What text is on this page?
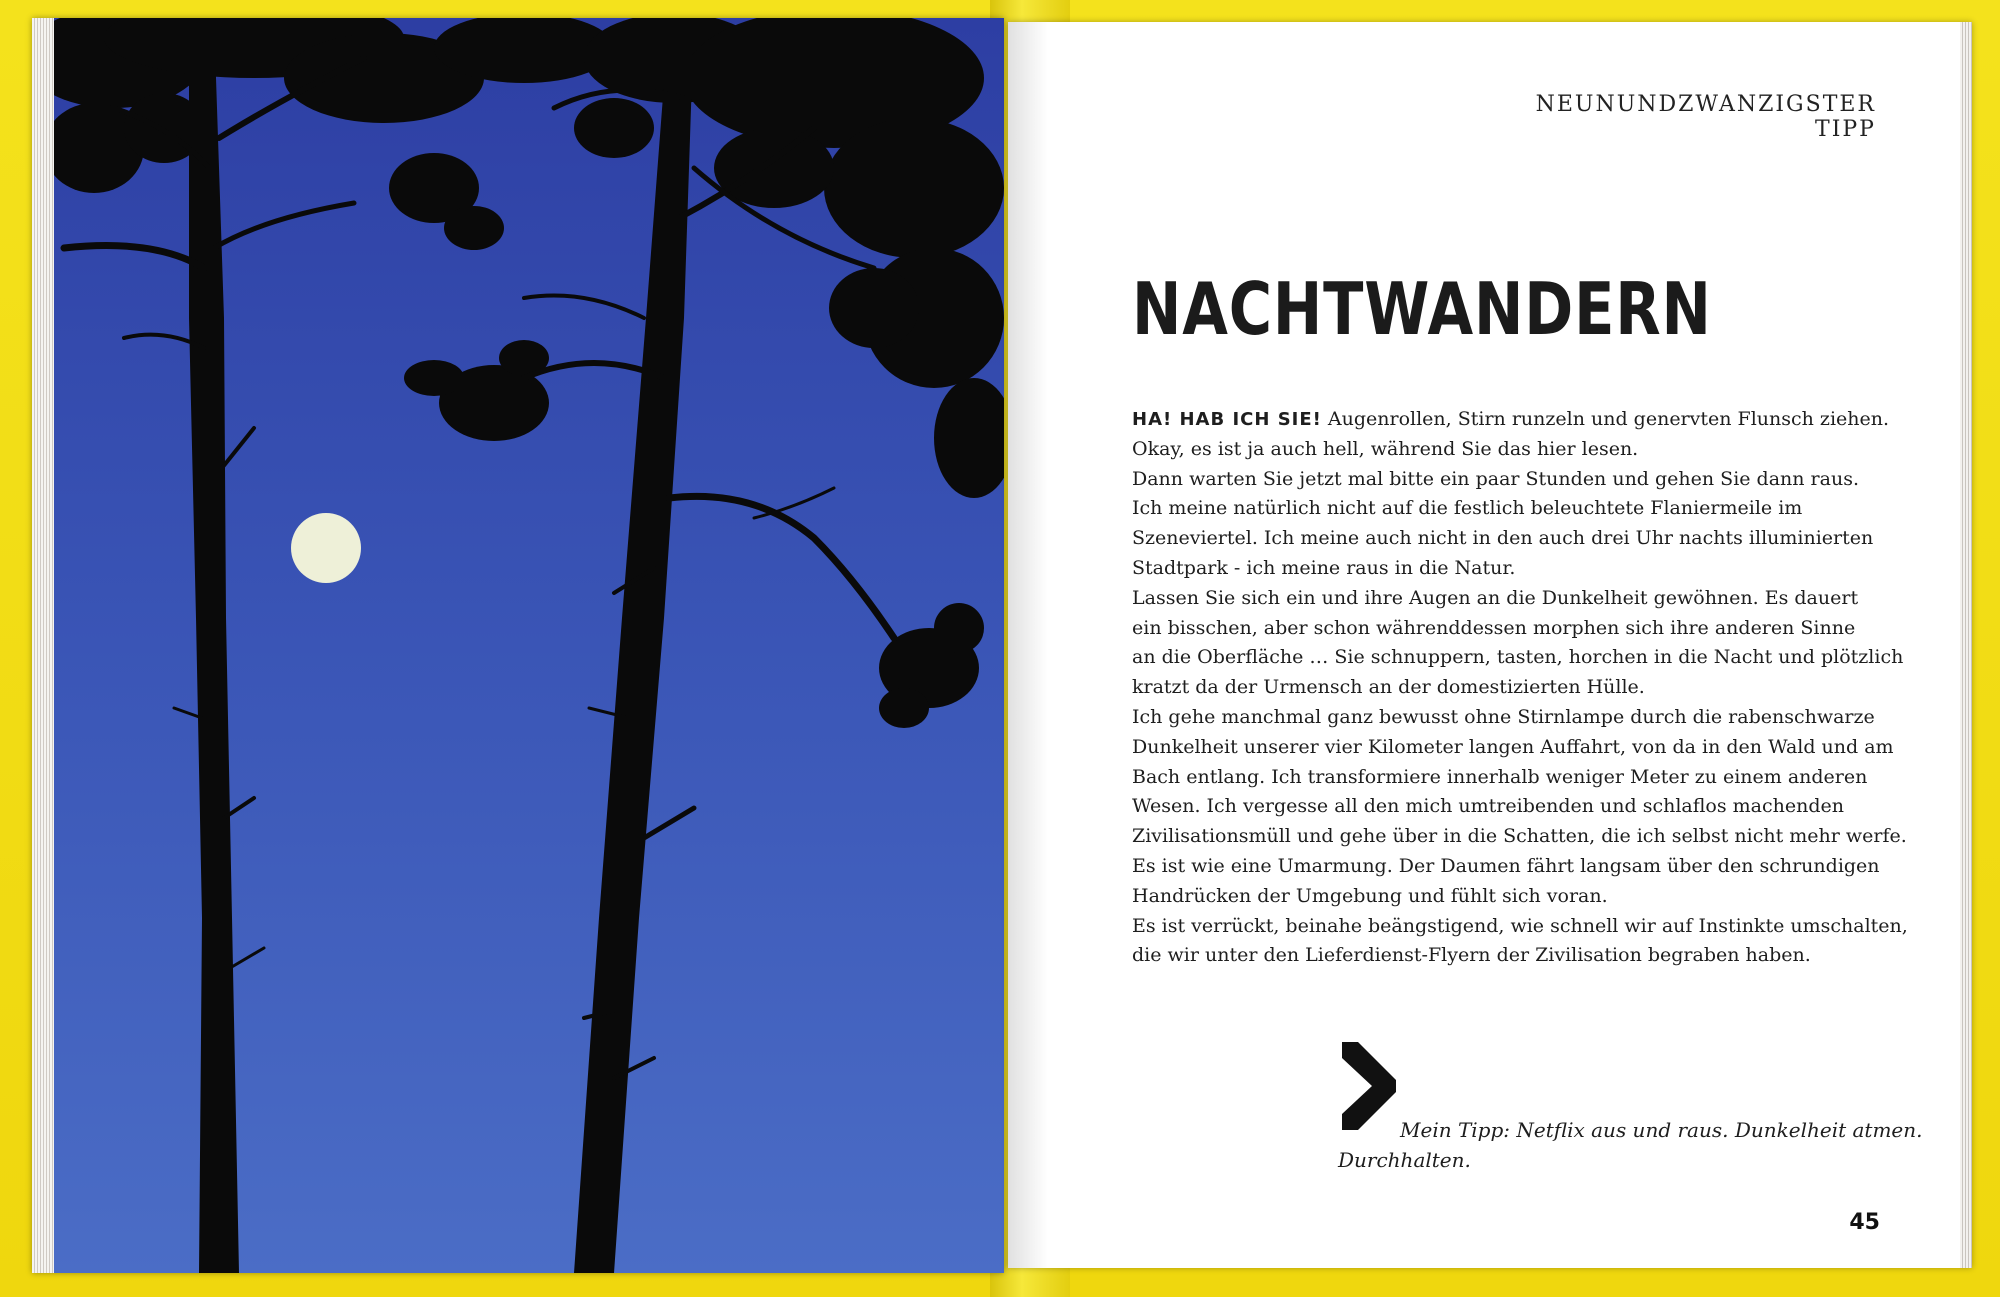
NEUNUNDZWANZIGSTER TIPP
NACHTWANDERN
HA! HAB ICH SIE! Augenrollen, Stirn runzeln und genervten Flunsch ziehen.
Okay, es ist ja auch hell, während Sie das hier lesen.
Dann warten Sie jetzt mal bitte ein paar Stunden und gehen Sie dann raus.
Ich meine natürlich nicht auf die festlich beleuchtete Flaniermeile im
Szeneviertel. Ich meine auch nicht in den auch drei Uhr nachts illuminierten
Stadtpark - ich meine raus in die Natur.
Lassen Sie sich ein und ihre Augen an die Dunkelheit gewöhnen. Es dauert
ein bisschen, aber schon währenddessen morphen sich ihre anderen Sinne
an die Oberfläche … Sie schnuppern, tasten, horchen in die Nacht und plötzlich
kratzt da der Urmensch an der domestizierten Hülle.
Ich gehe manchmal ganz bewusst ohne Stirnlampe durch die rabenschwarze
Dunkelheit unserer vier Kilometer langen Auffahrt, von da in den Wald und am
Bach entlang. Ich transformiere innerhalb weniger Meter zu einem anderen
Wesen. Ich vergesse all den mich umtreibenden und schlaflos machenden
Zivilisationsmüll und gehe über in die Schatten, die ich selbst nicht mehr werfe.
Es ist wie eine Umarmung. Der Daumen fährt langsam über den schrundigen
Handrücken der Umgebung und fühlt sich voran.
Es ist verrückt, beinahe beängstigend, wie schnell wir auf Instinkte umschalten,
die wir unter den Lieferdienst-Flyern der Zivilisation begraben haben.
Mein Tipp: Netflix aus und raus. Dunkelheit atmen.
Durchhalten.
45
